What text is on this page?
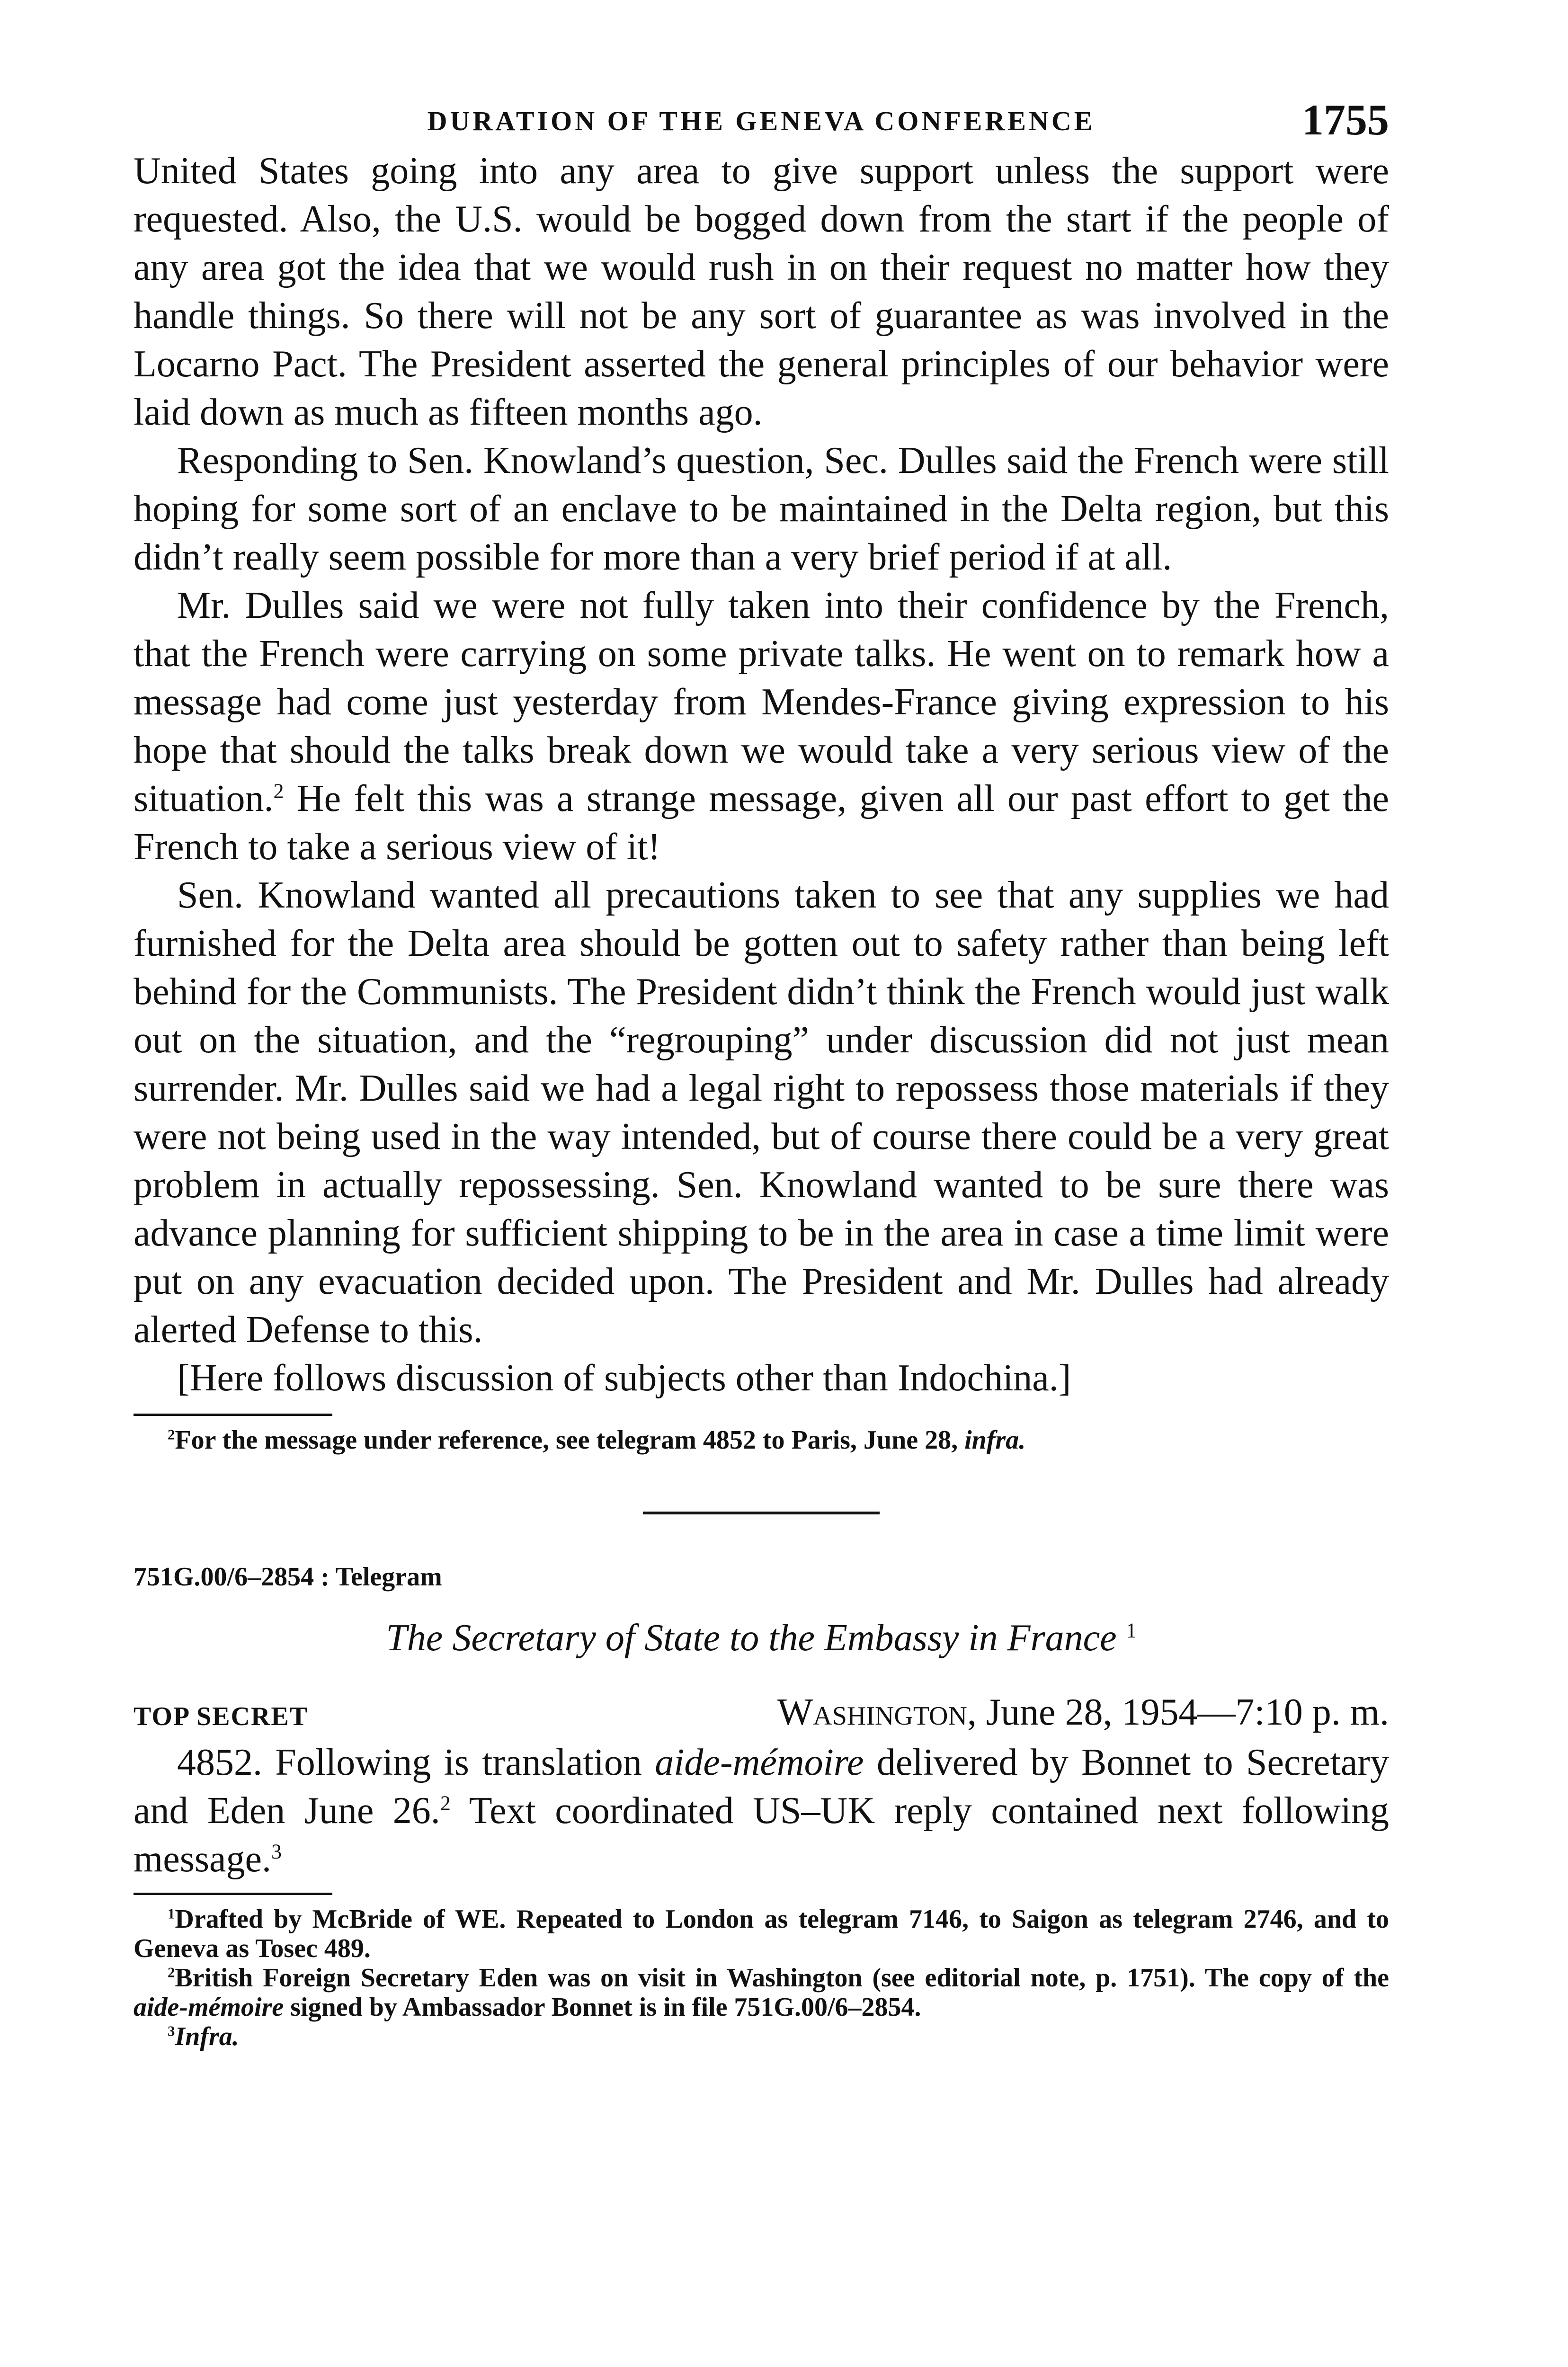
DURATION OF THE GENEVA CONFERENCE	1755

United States going into any area to give support unless the support were requested. Also, the U.S. would be bogged down from the start if the people of any area got the idea that we would rush in on their request no matter how they handle things. So there will not be any sort of guarantee as was involved in the Locarno Pact. The President asserted the general principles of our behavior were laid down as much as fifteen months ago.

Responding to Sen. Knowland’s question, Sec. Dulles said the French were still hoping for some sort of an enclave to be maintained in the Delta region, but this didn’t really seem possible for more than a very brief period if at all.

Mr. Dulles said we were not fully taken into their confidence by the French, that the French were carrying on some private talks. He went on to remark how a message had come just yesterday from Mendes-France giving expression to his hope that should the talks break down we would take a very serious view of the situation.$^2$ He felt this was a strange message, given all our past effort to get the French to take a serious view of it!

Sen. Knowland wanted all precautions taken to see that any supplies we had furnished for the Delta area should be gotten out to safety rather than being left behind for the Communists. The President didn’t think the French would just walk out on the situation, and the “regrouping” under discussion did not just mean surrender. Mr. Dulles said we had a legal right to repossess those materials if they were not being used in the way intended, but of course there could be a very great problem in actually repossessing. Sen. Knowland wanted to be sure there was advance planning for sufficient shipping to be in the area in case a time limit were put on any evacuation decided upon. The President and Mr. Dulles had already alerted Defense to this.

[Here follows discussion of subjects other than Indochina.]

$^2$For the message under reference, see telegram 4852 to Paris, June 28, infra.

751G.00/6–2854 : Telegram
The Secretary of State to the Embassy in France $^1$
TOP SECRET	Washington, June 28, 1954—7:10 p. m.

4852. Following is translation aide-mémoire delivered by Bonnet to Secretary and Eden June 26.$^2$ Text coordinated US–UK reply contained next following message.$^3$

$^1$Drafted by McBride of WE. Repeated to London as telegram 7146, to Saigon as telegram 2746, and to Geneva as Tosec 489.

$^2$British Foreign Secretary Eden was on visit in Washington (see editorial note, p. 1751). The copy of the aide-mémoire signed by Ambassador Bonnet is in file 751G.00/6–2854.

$^3$Infra.
